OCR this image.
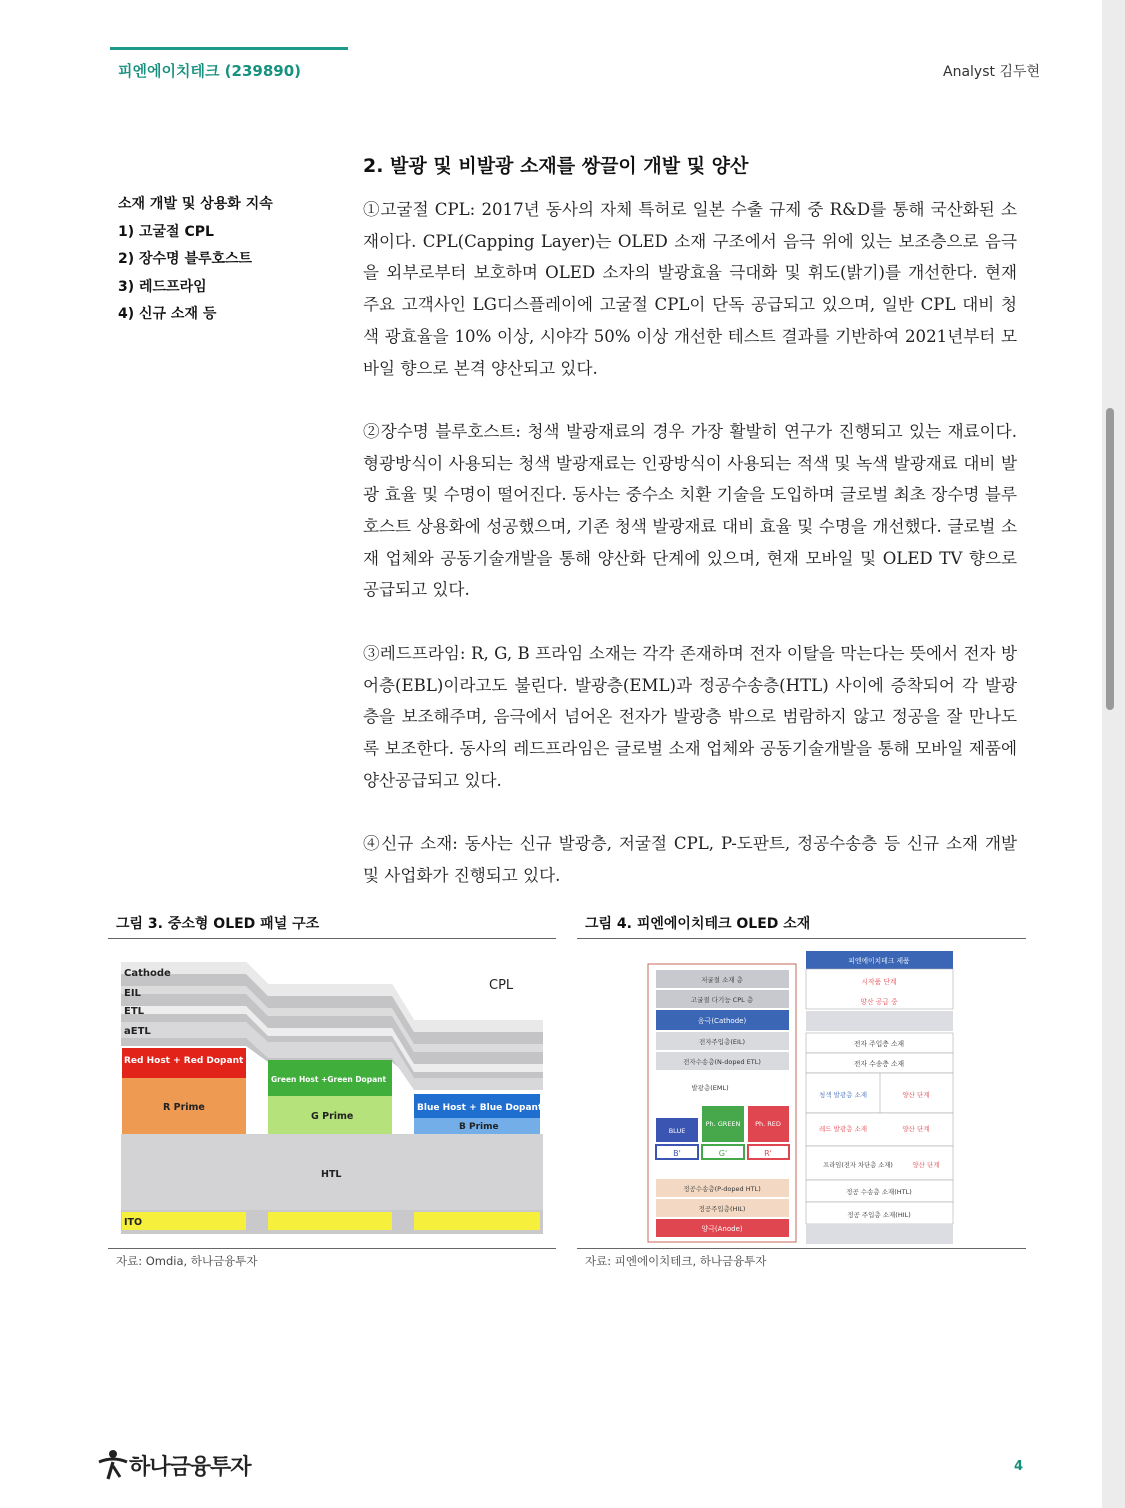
피엔에이치테크 (239890)	Analyst 김두현
2. 발광 및 비발광 소재를 쌍끌이 개발 및 양산
소재 개발 및 상용화 지속
1) 고굴절 CPL
2) 장수명 블루호스트
3) 레드프라임
4) 신규 소재 등

①고굴절 CPL: 2017년 동사의 자체 특허로 일본 수출 규제 중 R&D를 통해 국산화된 소재이다. CPL(Capping Layer)는 OLED 소재 구조에서 음극 위에 있는 보조층으로 음극을 외부로부터 보호하며 OLED 소자의 발광효율 극대화 및 휘도(밝기)를 개선한다. 현재 주요 고객사인 LG디스플레이에 고굴절 CPL이 단독 공급되고 있으며, 일반 CPL 대비 청색 광효율을 10% 이상, 시야각 50% 이상 개선한 테스트 결과를 기반하여 2021년부터 모바일 향으로 본격 양산되고 있다.

②장수명 블루호스트: 청색 발광재료의 경우 가장 활발히 연구가 진행되고 있는 재료이다. 형광방식이 사용되는 청색 발광재료는 인광방식이 사용되는 적색 및 녹색 발광재료 대비 발광 효율 및 수명이 떨어진다. 동사는 중수소 치환 기술을 도입하며 글로벌 최초 장수명 블루호스트 상용화에 성공했으며, 기존 청색 발광재료 대비 효율 및 수명을 개선했다. 글로벌 소재 업체와 공동기술개발을 통해 양산화 단계에 있으며, 현재 모바일 및 OLED TV 향으로 공급되고 있다.

③레드프라임: R, G, B 프라임 소재는 각각 존재하며 전자 이탈을 막는다는 뜻에서 전자 방어층(EBL)이라고도 불린다. 발광층(EML)과 정공수송층(HTL) 사이에 증착되어 각 발광층을 보조해주며, 음극에서 넘어온 전자가 발광층 밖으로 범람하지 않고 정공을 잘 만나도록 보조한다. 동사의 레드프라임은 글로벌 소재 업체와 공동기술개발을 통해 모바일 제품에 양산공급되고 있다.

④신규 소재: 동사는 신규 발광층, 저굴절 CPL, P-도판트, 정공수송층 등 신규 소재 개발 및 사업화가 진행되고 있다.

그림 3. 중소형 OLED 패널 구조
Cathode
EIL
ETL
aETL
CPL
Red Host + Red Dopant
R Prime
Green Host +Green Dopant
G Prime
Blue Host + Blue Dopant
B Prime
HTL
ITO
자료: Omdia, 하나금융투자
그림 4. 피엔에이치테크 OLED 소재
저굴절 소재 층
고굴절 다기능 CPL 층
음극(Cathode)
전자주입층(EIL)
전자수송층(N-doped ETL)
발광층(EML)
BLUE
Ph. GREEN Ph. RED
B'	G'	R'
정공수송층(P-doped HTL)
정공주입층(HIL)
양극(Anode)
피엔에이치테크 제품
시작품 단계
양산 공급 중
전자 주입층 소재
전자 수송층 소재
청색 발광층 소재	양산 단계
레드 발광층 소재	양산 단계
프라임(전자 차단층 소재)	양산 단계
정공 수송층 소재(HTL)
정공 주입층 소재(HIL)
자료: 피엔에이치테크, 하나금융투자
하나금융투자	4
